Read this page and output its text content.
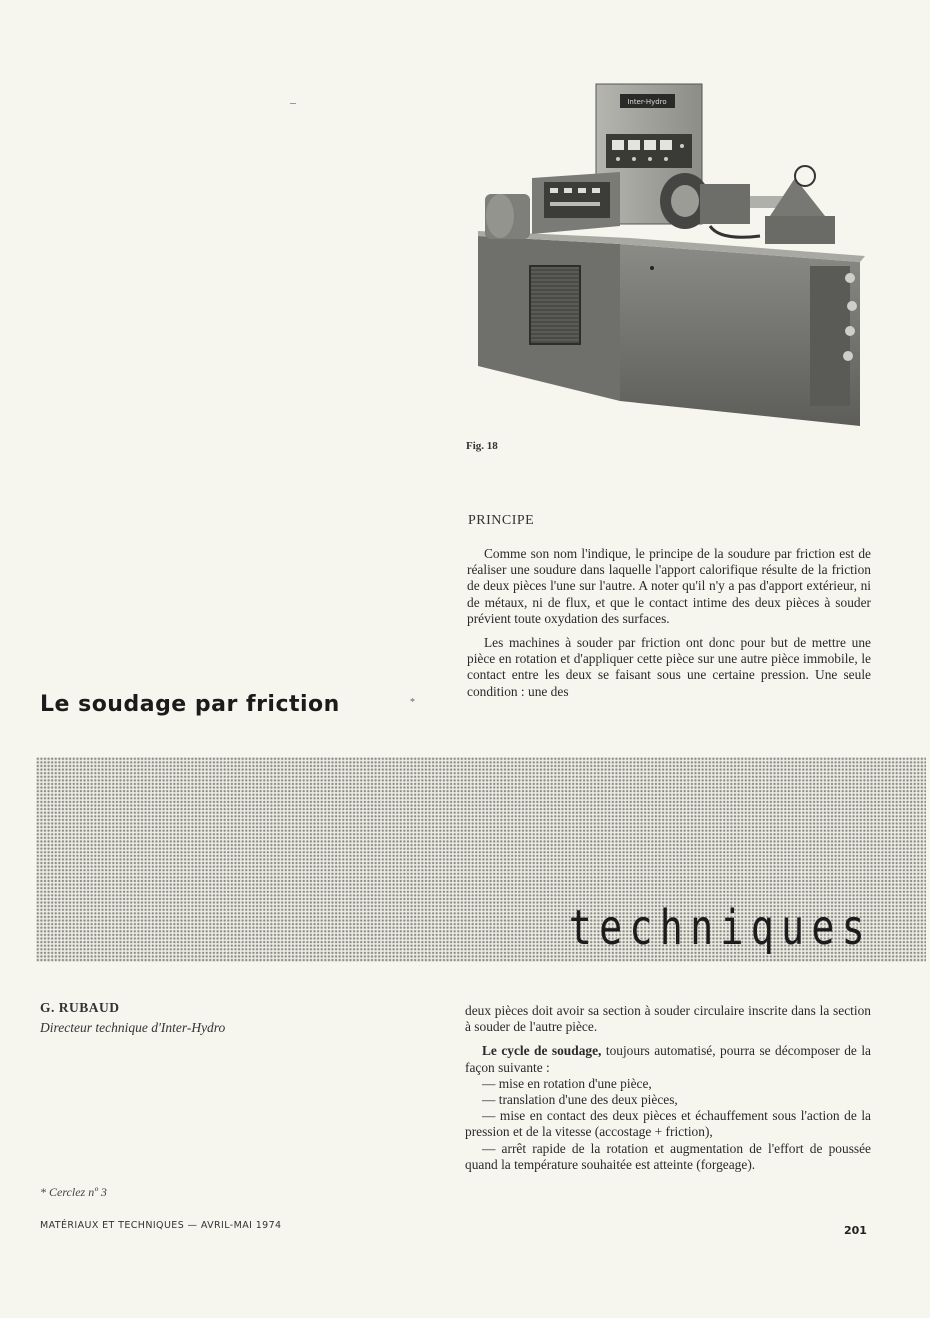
Inter-Hydro
Fig. 18
PRINCIPE

Comme son nom l'indique, le principe de la soudure par friction est de réaliser une soudure dans laquelle l'apport calorifique résulte de la friction de deux pièces l'une sur l'autre. A noter qu'il n'y a pas d'apport extérieur, ni de métaux, ni de flux, et que le contact intime des deux pièces à souder prévient toute oxydation des surfaces.

Les machines à souder par friction ont donc pour but de mettre une pièce en rotation et d'appliquer cette pièce sur une autre pièce immobile, le contact entre les deux se faisant sous une certaine pression. Une seule condition : une des

Le soudage par friction	*
techniques
G. RUBAUD
Directeur technique d'Inter-Hydro

deux pièces doit avoir sa section à souder circulaire inscrite dans la section à souder de l'autre pièce.

Le cycle de soudage, toujours automatisé, pourra se décomposer de la façon suivante :

— mise en rotation d'une pièce,

— translation d'une des deux pièces,

— mise en contact des deux pièces et échauffement sous l'action de la pression et de la vitesse (accostage + friction),

— arrêt rapide de la rotation et augmentation de l'effort de poussée quand la température souhaitée est atteinte (forgeage).

* Cerclez nº 3
MATÉRIAUX ET TECHNIQUES — AVRIL-MAI 1974	201
